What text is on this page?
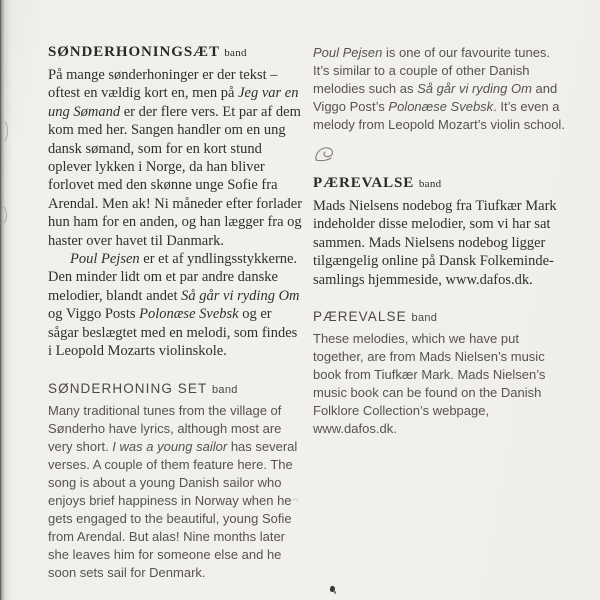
SØNDERHONINGSÆT band

På mange sønderhoninger er der tekst – oftest en vældig kort en, men på Jeg var en ung Sømand er der flere vers. Et par af dem kom med her. Sangen handler om en ung dansk sømand, som for en kort stund oplever lykken i Norge, da han bliver forlovet med den skønne unge Sofie fra Arendal. Men ak! Ni måneder efter forlader hun ham for en anden, og han lægger fra og haster over havet til Danmark.

Poul Pejsen er et af yndlingsstykkerne. Den minder lidt om et par andre danske melodier, blandt andet Så går vi ryding Om og Viggo Posts Polonæse Svebsk og er sågar beslægtet med en melodi, som findes i Leopold Mozarts violinskole.

SØNDERHONING SET band

Many traditional tunes from the village of Sønderho have lyrics, although most are very short. I was a young sailor has several verses. A couple of them feature here. The song is about a young Danish sailor who enjoys brief happiness in Norway when he gets engaged to the beautiful, young Sofie from Arendal. But alas! Nine months later she leaves him for someone else and he soon sets sail for Denmark.

Poul Pejsen is one of our favourite tunes. It’s similar to a couple of other Danish melodies such as Så går vi ryding Om and Viggo Post’s Polonæse Svebsk. It’s even a melody from Leopold Mozart’s violin school.

PÆREVALSE band

Mads Nielsens nodebog fra Tiufkær Mark indeholder disse melodier, som vi har sat sammen. Mads Nielsens nodebog ligger tilgængelig online på Dansk Folkemindesamlings hjemmeside, www.dafos.dk.

PÆREVALSE band

These melodies, which we have put together, are from Mads Nielsen’s music book from Tiufkær Mark. Mads Nielsen’s music book can be found on the Danish Folklore Collection’s webpage, www.dafos.dk.
